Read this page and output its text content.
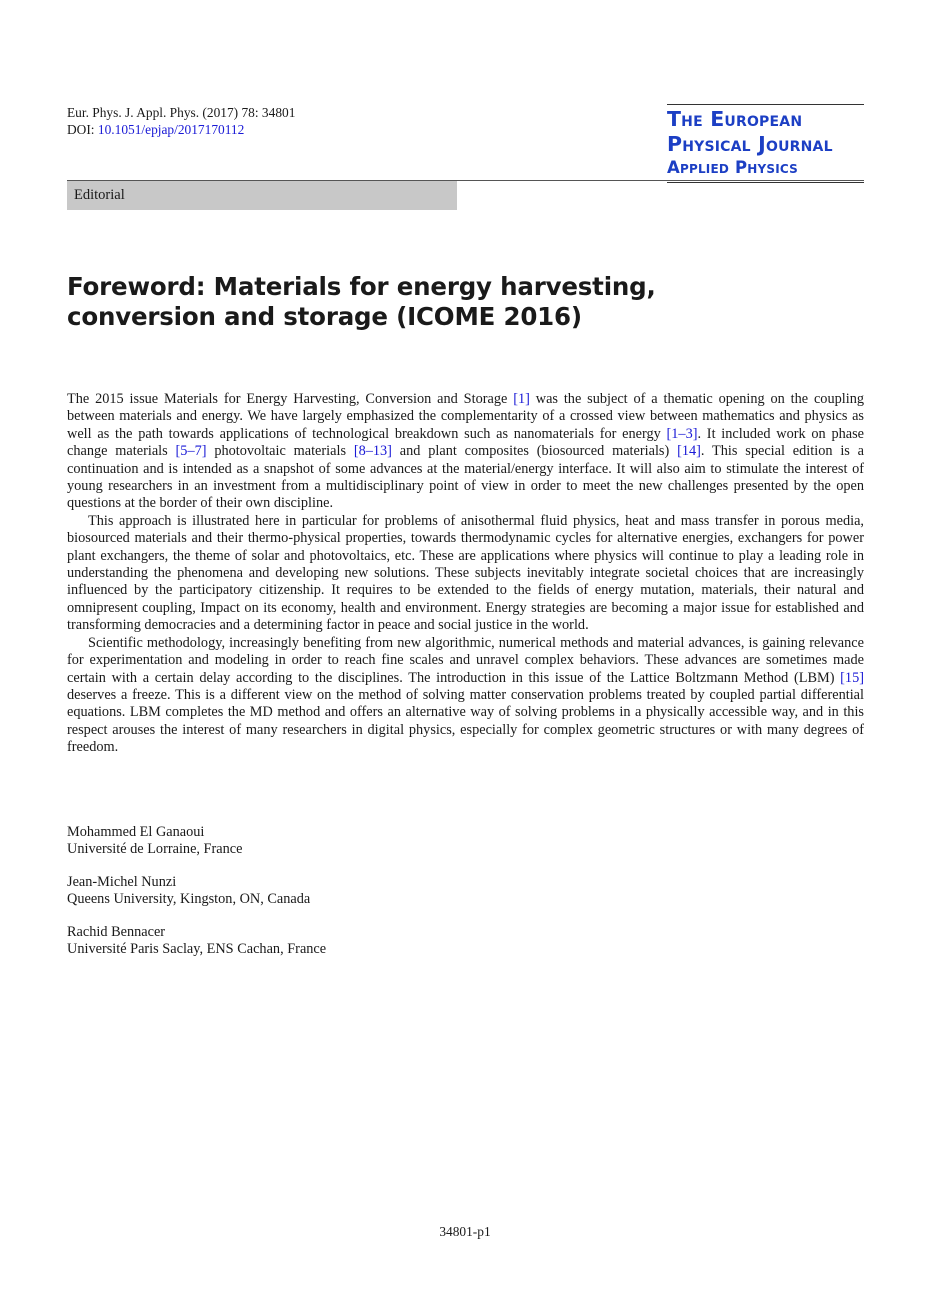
Eur. Phys. J. Appl. Phys. (2017) 78: 34801
DOI: 10.1051/epjap/2017170112	The European
Physical Journal
Applied Physics
Editorial
Foreword: Materials for energy harvesting, conversion and storage (ICOME 2016)

The 2015 issue Materials for Energy Harvesting, Conversion and Storage [1] was the subject of a thematic opening on the coupling between materials and energy. We have largely emphasized the complementarity of a crossed view between mathematics and physics as well as the path towards applications of technological breakdown such as nanomaterials for energy [1–3]. It included work on phase change materials [5–7] photovoltaic materials [8–13] and plant composites (biosourced materials) [14]. This special edition is a continuation and is intended as a snapshot of some advances at the material/energy interface. It will also aim to stimulate the interest of young researchers in an investment from a multidisciplinary point of view in order to meet the new challenges presented by the open questions at the border of their own discipline.

This approach is illustrated here in particular for problems of anisothermal fluid physics, heat and mass transfer in porous media, biosourced materials and their thermo-physical properties, towards thermodynamic cycles for alternative energies, exchangers for power plant exchangers, the theme of solar and photovoltaics, etc. These are applications where physics will continue to play a leading role in understanding the phenomena and developing new solutions. These subjects inevitably integrate societal choices that are increasingly influenced by the participatory citizenship. It requires to be extended to the fields of energy mutation, materials, their natural and omnipresent coupling, Impact on its economy, health and environment. Energy strategies are becoming a major issue for established and transforming democracies and a determining factor in peace and social justice in the world.

Scientific methodology, increasingly benefiting from new algorithmic, numerical methods and material advances, is gaining relevance for experimentation and modeling in order to reach fine scales and unravel complex behaviors. These advances are sometimes made certain with a certain delay according to the disciplines. The introduction in this issue of the Lattice Boltzmann Method (LBM) [15] deserves a freeze. This is a different view on the method of solving matter conservation problems treated by coupled partial differential equations. LBM completes the MD method and offers an alternative way of solving problems in a physically accessible way, and in this respect arouses the interest of many researchers in digital physics, especially for complex geometric structures or with many degrees of freedom.

Mohammed El Ganaoui
Université de Lorraine, France
Jean-Michel Nunzi
Queens University, Kingston, ON, Canada
Rachid Bennacer
Université Paris Saclay, ENS Cachan, France
34801-p1
